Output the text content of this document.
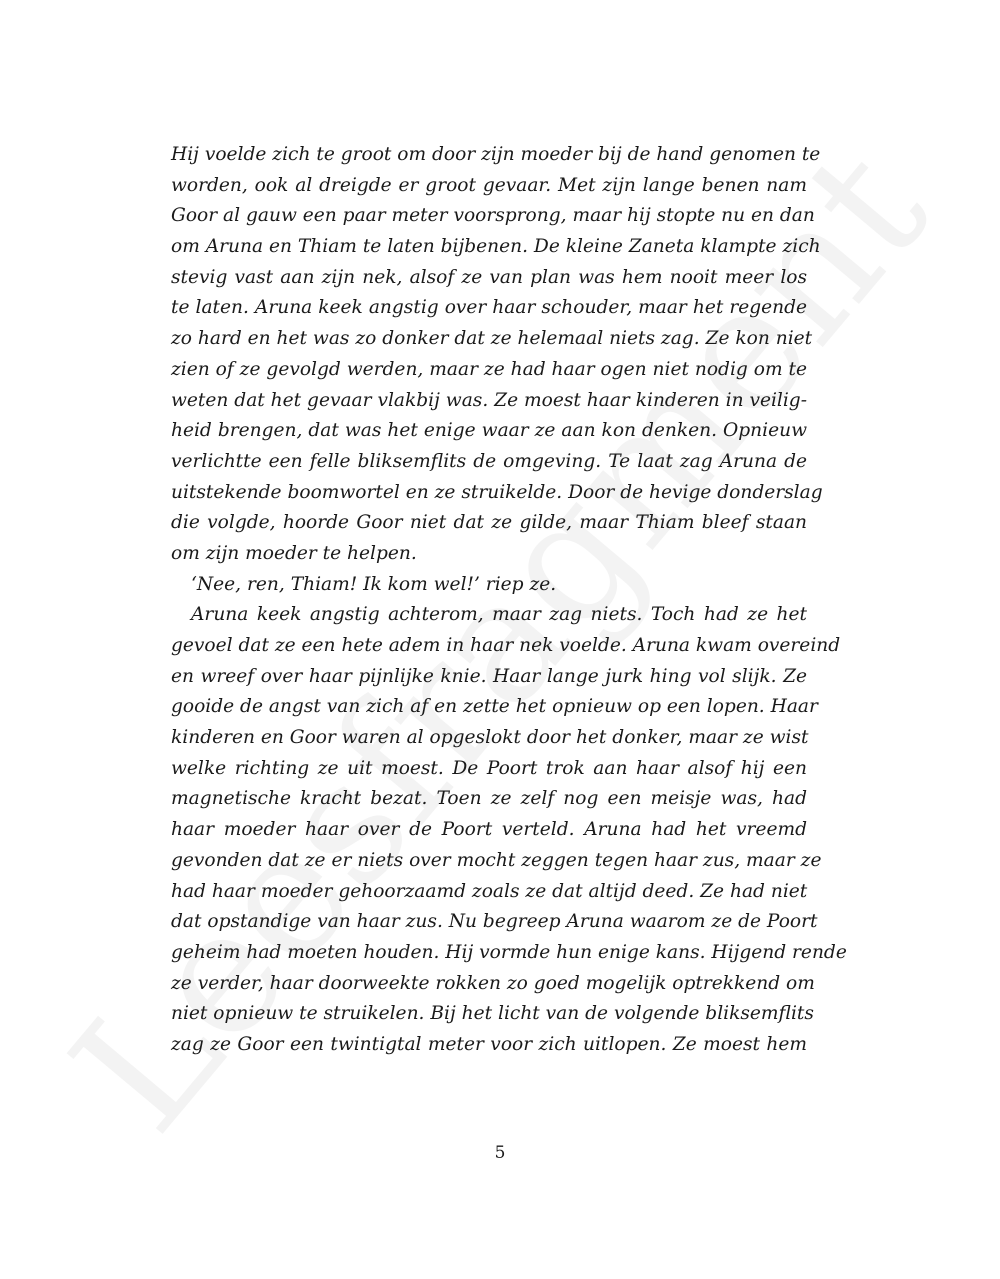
Hij voelde zich te groot om door zijn moeder bij de hand genomen te
worden, ook al dreigde er groot gevaar. Met zijn lange benen nam
Goor al gauw een paar meter voorsprong, maar hij stopte nu en dan
om Aruna en Thiam te laten bijbenen. De kleine Zaneta klampte zich
stevig vast aan zijn nek, alsof ze van plan was hem nooit meer los
te laten. Aruna keek angstig over haar schouder, maar het regende
zo hard en het was zo donker dat ze helemaal niets zag. Ze kon niet
zien of ze gevolgd werden, maar ze had haar ogen niet nodig om te
weten dat het gevaar vlakbij was. Ze moest haar kinderen in veilig-
heid brengen, dat was het enige waar ze aan kon denken. Opnieuw
verlichtte een felle bliksemflits de omgeving. Te laat zag Aruna de
uitstekende boomwortel en ze struikelde. Door de hevige donderslag
die volgde, hoorde Goor niet dat ze gilde, maar Thiam bleef staan
om zijn moeder te helpen.
‘Nee, ren, Thiam! Ik kom wel!’ riep ze.
Aruna keek angstig achterom, maar zag niets. Toch had ze het
gevoel dat ze een hete adem in haar nek voelde. Aruna kwam overeind
en wreef over haar pijnlijke knie. Haar lange jurk hing vol slijk. Ze
gooide de angst van zich af en zette het opnieuw op een lopen. Haar
kinderen en Goor waren al opgeslokt door het donker, maar ze wist
welke richting ze uit moest. De Poort trok aan haar alsof hij een
magnetische kracht bezat. Toen ze zelf nog een meisje was, had
haar moeder haar over de Poort verteld. Aruna had het vreemd
gevonden dat ze er niets over mocht zeggen tegen haar zus, maar ze
had haar moeder gehoorzaamd zoals ze dat altijd deed. Ze had niet
dat opstandige van haar zus. Nu begreep Aruna waarom ze de Poort
geheim had moeten houden. Hij vormde hun enige kans. Hijgend rende
ze verder, haar doorweekte rokken zo goed mogelijk optrekkend om
niet opnieuw te struikelen. Bij het licht van de volgende bliksemflits
zag ze Goor een twintigtal meter voor zich uitlopen. Ze moest hem
5
